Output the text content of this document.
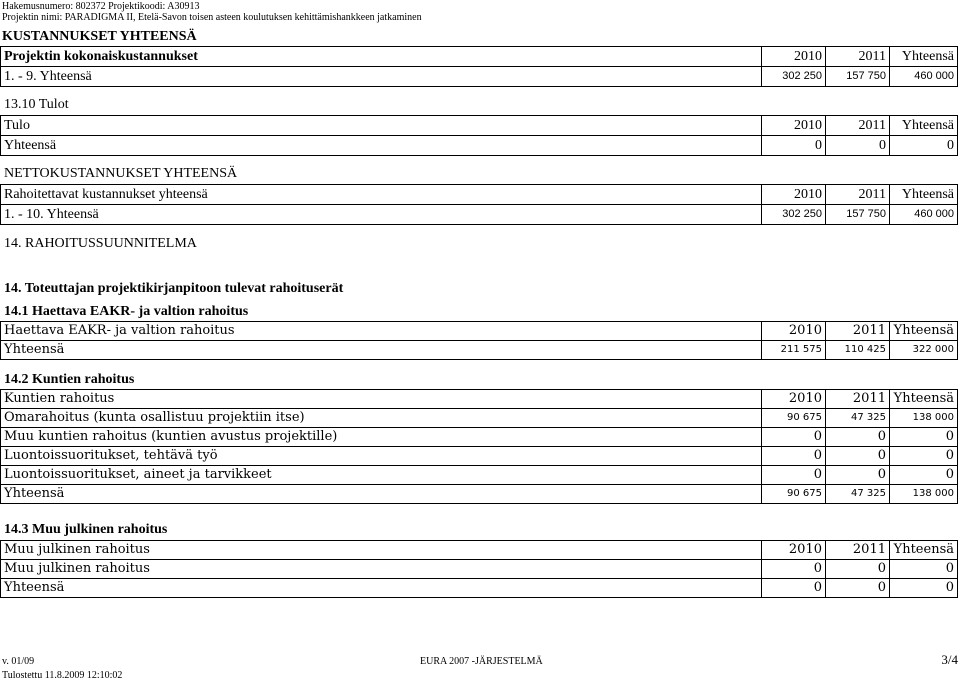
Hakemusnumero: 802372 Projektikoodi: A30913
Projektin nimi: PARADIGMA II, Etelä-Savon toisen asteen koulutuksen kehittämishankkeen jatkaminen
KUSTANNUKSET YHTEENSÄ
Projektin kokonaiskustannukset	2010	2011	Yhteensä
1. - 9. Yhteensä	302 250	157 750	460 000
13.10 Tulot
Tulo	2010	2011	Yhteensä
Yhteensä	0	0	0
NETTOKUSTANNUKSET YHTEENSÄ
Rahoitettavat kustannukset yhteensä	2010	2011	Yhteensä
1. - 10. Yhteensä	302 250	157 750	460 000
14. RAHOITUSSUUNNITELMA
14. Toteuttajan projektikirjanpitoon tulevat rahoituserät
14.1 Haettava EAKR- ja valtion rahoitus
Haettava EAKR- ja valtion rahoitus	2010	2011	Yhteensä
Yhteensä	211 575	110 425	322 000
14.2 Kuntien rahoitus
Kuntien rahoitus	2010	2011	Yhteensä
Omarahoitus (kunta osallistuu projektiin itse)	90 675	47 325	138 000
Muu kuntien rahoitus (kuntien avustus projektille)	0	0	0
Luontoissuoritukset, tehtävä työ	0	0	0
Luontoissuoritukset, aineet ja tarvikkeet	0	0	0
Yhteensä	90 675	47 325	138 000
14.3 Muu julkinen rahoitus
Muu julkinen rahoitus	2010	2011	Yhteensä
Muu julkinen rahoitus	0	0	0
Yhteensä	0	0	0
v. 01/09	EURA 2007 -JÄRJESTELMÄ	3/4
Tulostettu 11.8.2009 12:10:02
